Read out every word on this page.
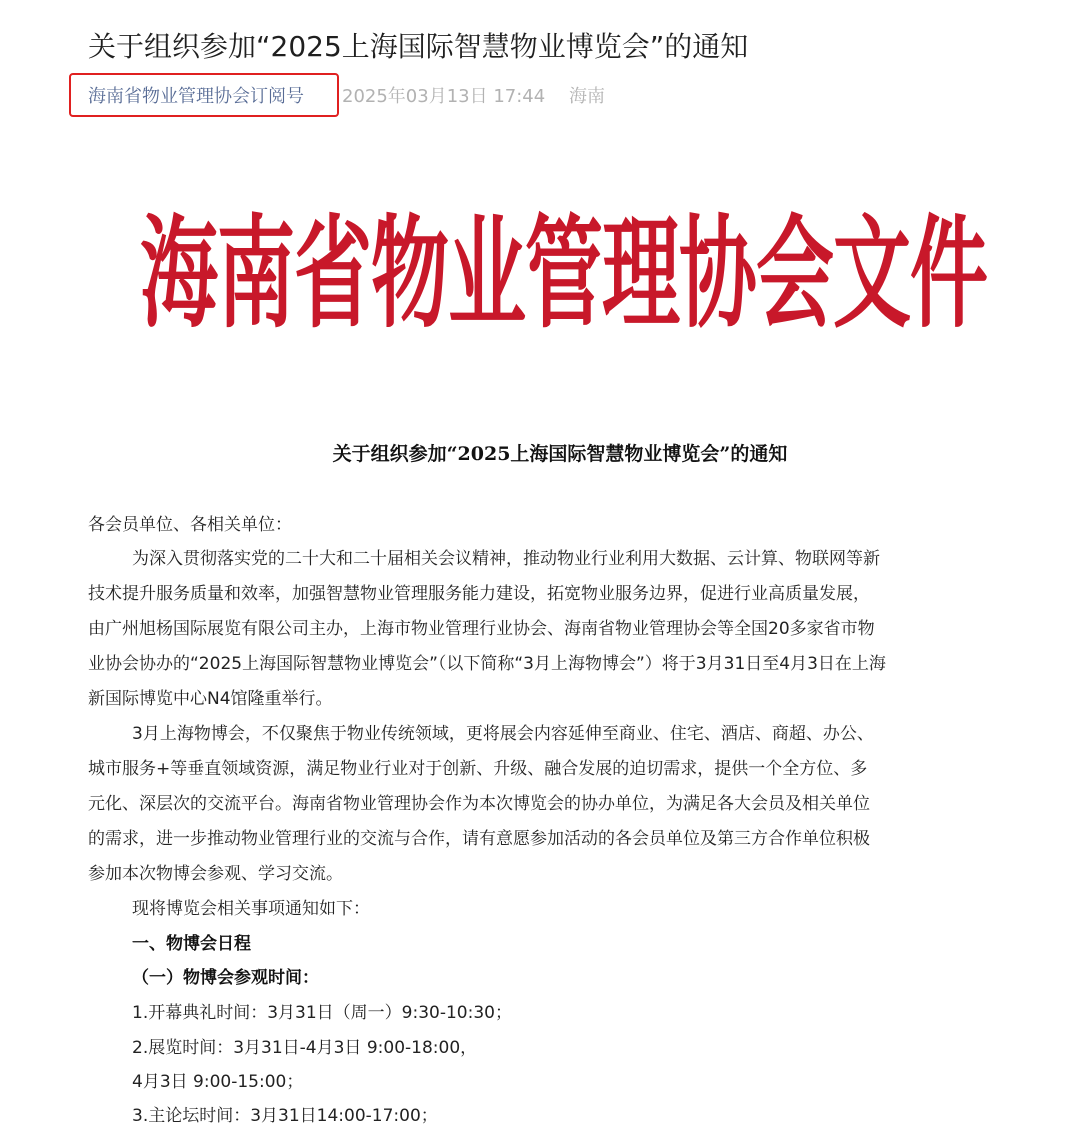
关于组织参加“2025上海国际智慧物业博览会”的通知
海南省物业管理协会订阅号 2025年03月13日 17:44 海南
海南省物业管理协会文件
关于组织参加“2025上海国际智慧物业博览会”的通知
各会员单位、各相关单位：
为深入贯彻落实党的二十大和二十届相关会议精神，推动物业行业利用大数据、云计算、物联网等新
技术提升服务质量和效率，加强智慧物业管理服务能力建设，拓宽物业服务边界，促进行业高质量发展，
由广州旭杨国际展览有限公司主办，上海市物业管理行业协会、海南省物业管理协会等全国20多家省市物
业协会协办的“2025上海国际智慧物业博览会”（以下简称“3月上海物博会”）将于3月31日至4月3日在上海
新国际博览中心N4馆隆重举行。
3月上海物博会，不仅聚焦于物业传统领域，更将展会内容延伸至商业、住宅、酒店、商超、办公、
城市服务+等垂直领域资源，满足物业行业对于创新、升级、融合发展的迫切需求，提供一个全方位、多
元化、深层次的交流平台。海南省物业管理协会作为本次博览会的协办单位，为满足各大会员及相关单位
的需求，进一步推动物业管理行业的交流与合作，请有意愿参加活动的各会员单位及第三方合作单位积极
参加本次物博会参观、学习交流。
现将博览会相关事项通知如下：
一、物博会日程
（一）物博会参观时间：
1.开幕典礼时间：3月31日（周一）9:30-10:30；
2.展览时间：3月31日-4月3日 9:00-18:00，
4月3日 9:00-15:00；
3.主论坛时间：3月31日14:00-17:00；
